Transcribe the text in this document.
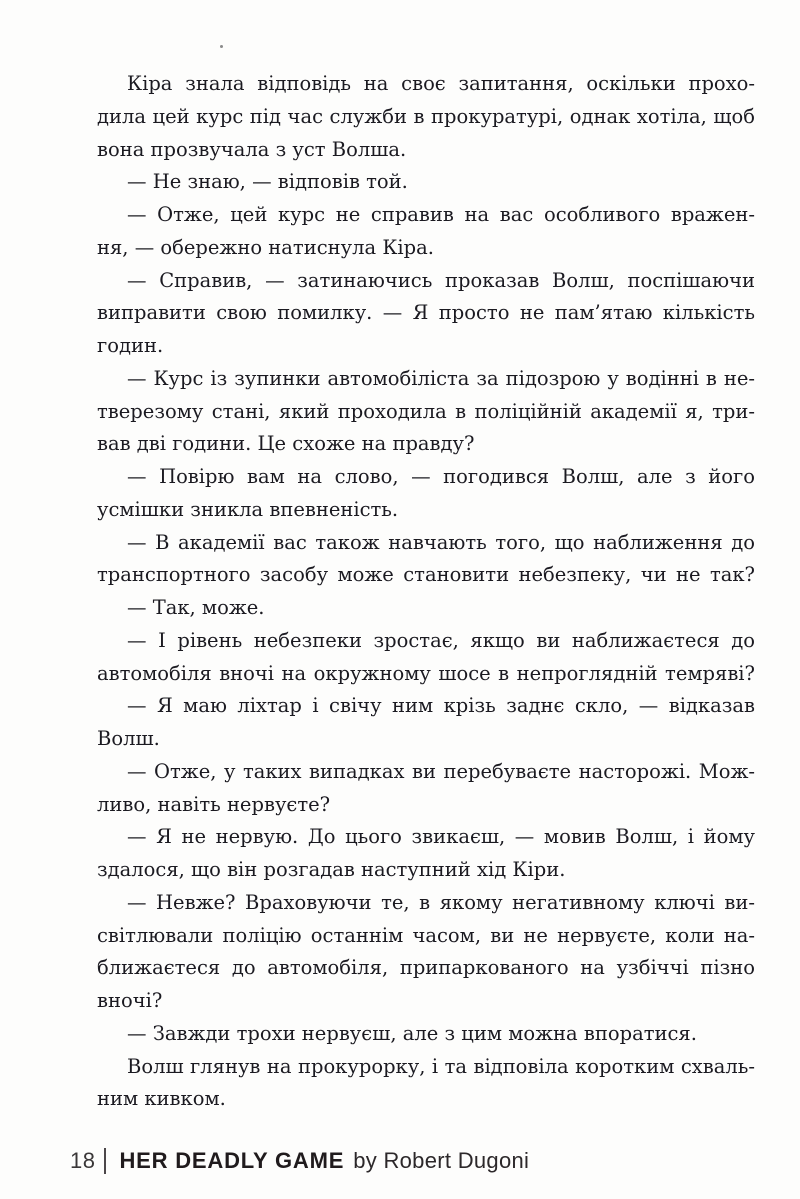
Кіра знала відповідь на своє запитання, оскільки прохо-
дила цей курс під час служби в прокуратурі, однак хотіла, щоб
вона прозвучала з уст Волша.
— Не знаю, — відповів той.
— Отже, цей курс не справив на вас особливого вражен-
ня, — обережно натиснула Кіра.
— Справив, — затинаючись проказав Волш, поспішаючи
виправити свою помилку. — Я просто не пам’ятаю кількість
годин.
— Курс із зупинки автомобіліста за підозрою у водінні в не-
тверезому стані, який проходила в поліційній академії я, три-
вав дві години. Це схоже на правду?
— Повірю вам на слово, — погодився Волш, але з його
усмішки зникла впевненість.
— В академії вас також навчають того, що наближення до
транспортного засобу може становити небезпеку, чи не так?
— Так, може.
— І рівень небезпеки зростає, якщо ви наближаєтеся до
автомобіля вночі на окружному шосе в непроглядній темряві?
— Я маю ліхтар і свічу ним крізь заднє скло, — відказав
Волш.
— Отже, у таких випадках ви перебуваєте насторожі. Мож-
ливо, навіть нервуєте?
— Я не нервую. До цього звикаєш, — мовив Волш, і йому
здалося, що він розгадав наступний хід Кіри.
— Невже? Враховуючи те, в якому негативному ключі ви-
світлювали поліцію останнім часом, ви не нервуєте, коли на-
ближаєтеся до автомобіля, припаркованого на узбіччі пізно
вночі?
— Завжди трохи нервуєш, але з цим можна впоратися.
Волш глянув на прокурорку, і та відповіла коротким схваль-
ним кивком.
18 HER DEADLY GAME by Robert Dugoni
